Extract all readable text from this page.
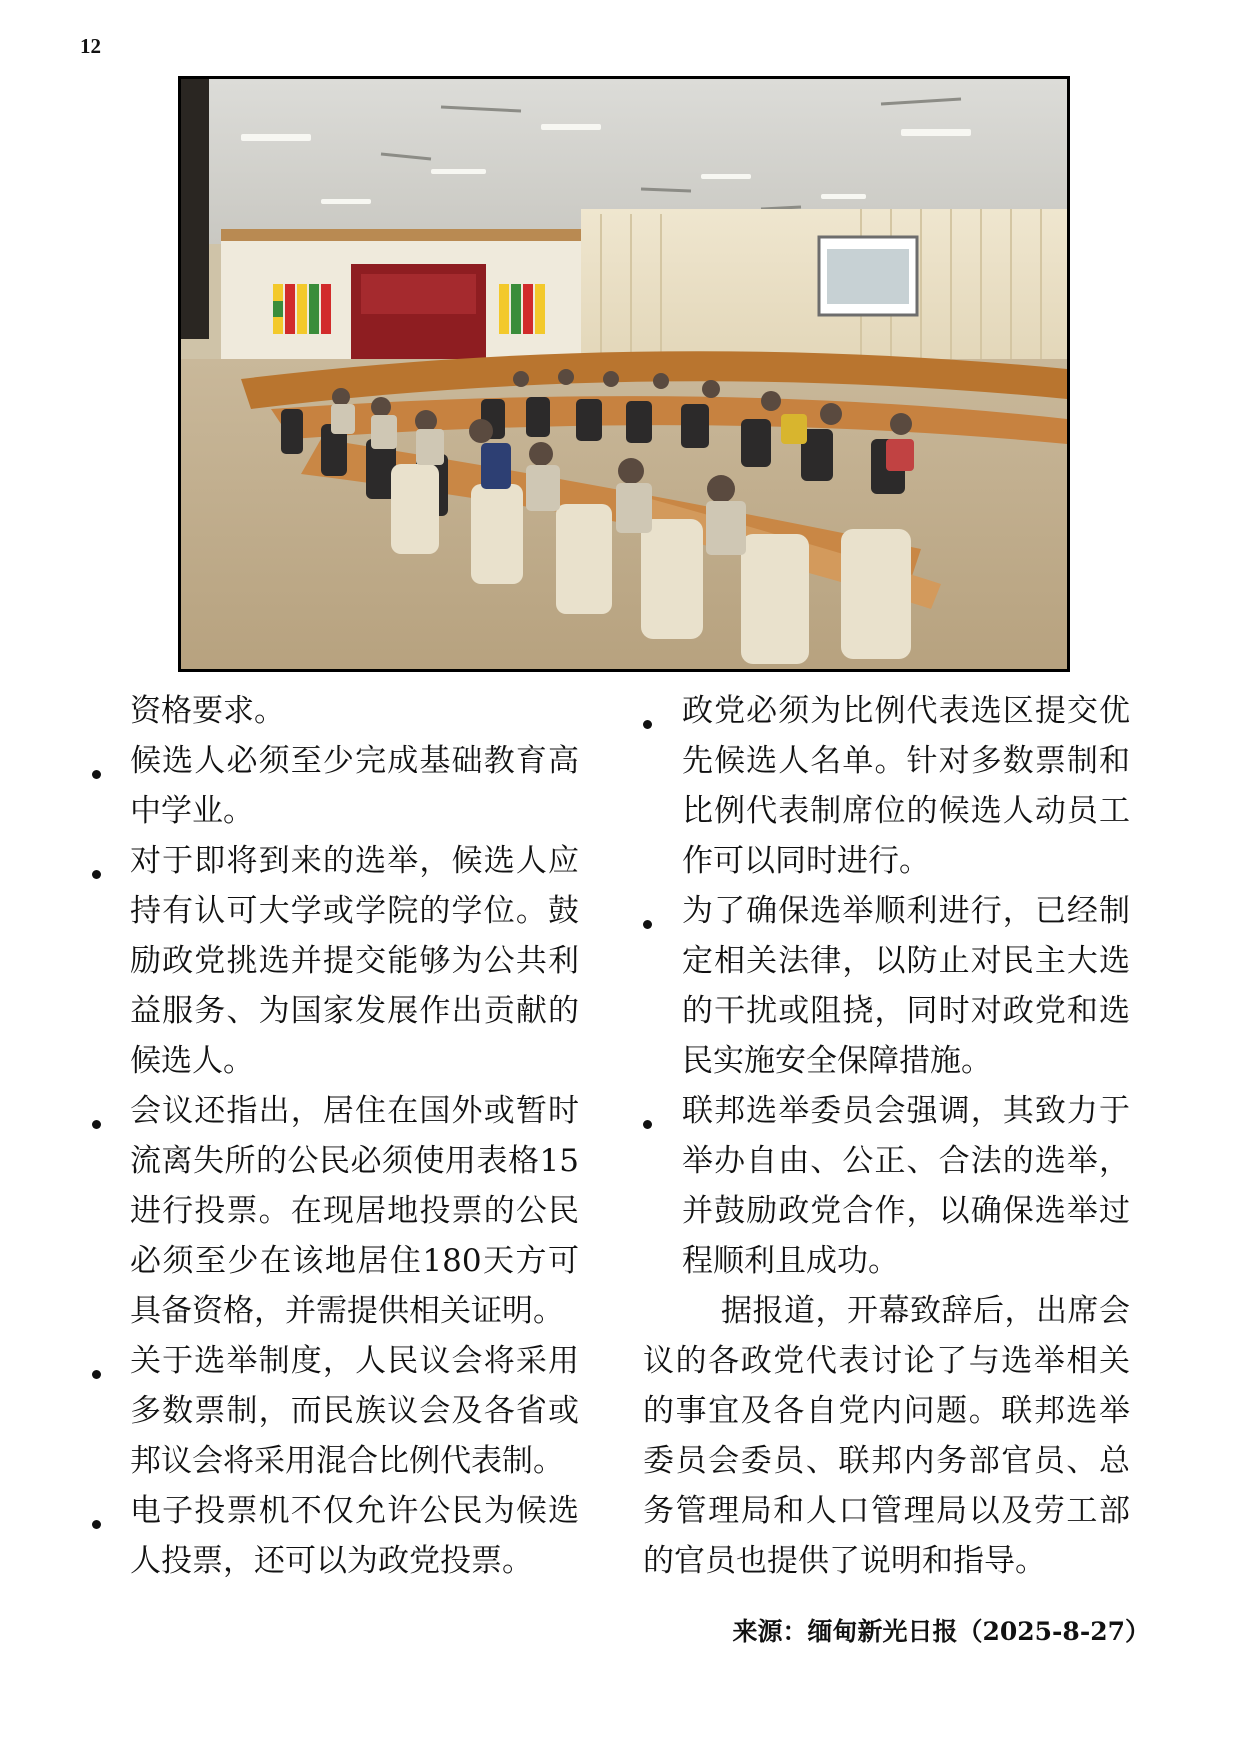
12

资格要求。

候选人必须至少完成基础教育高中学业。

对于即将到来的选举，候选人应持有认可大学或学院的学位。鼓励政党挑选并提交能够为公共利益服务、为国家发展作出贡献的候选人。

会议还指出，居住在国外或暂时流离失所的公民必须使用表格15进行投票。在现居地投票的公民必须至少在该地居住180天方可具备资格，并需提供相关证明。

关于选举制度，人民议会将采用多数票制，而民族议会及各省或邦议会将采用混合比例代表制。

电子投票机不仅允许公民为候选人投票，还可以为政党投票。

政党必须为比例代表选区提交优先候选人名单。针对多数票制和比例代表制席位的候选人动员工作可以同时进行。

为了确保选举顺利进行，已经制定相关法律，以防止对民主大选的干扰或阻挠，同时对政党和选民实施安全保障措施。

联邦选举委员会强调，其致力于举办自由、公正、合法的选举，并鼓励政党合作，以确保选举过程顺利且成功。

据报道，开幕致辞后，出席会议的各政党代表讨论了与选举相关的事宜及各自党内问题。联邦选举委员会委员、联邦内务部官员、总务管理局和人口管理局以及劳工部的官员也提供了说明和指导。

来源：缅甸新光日报（2025-8-27）
